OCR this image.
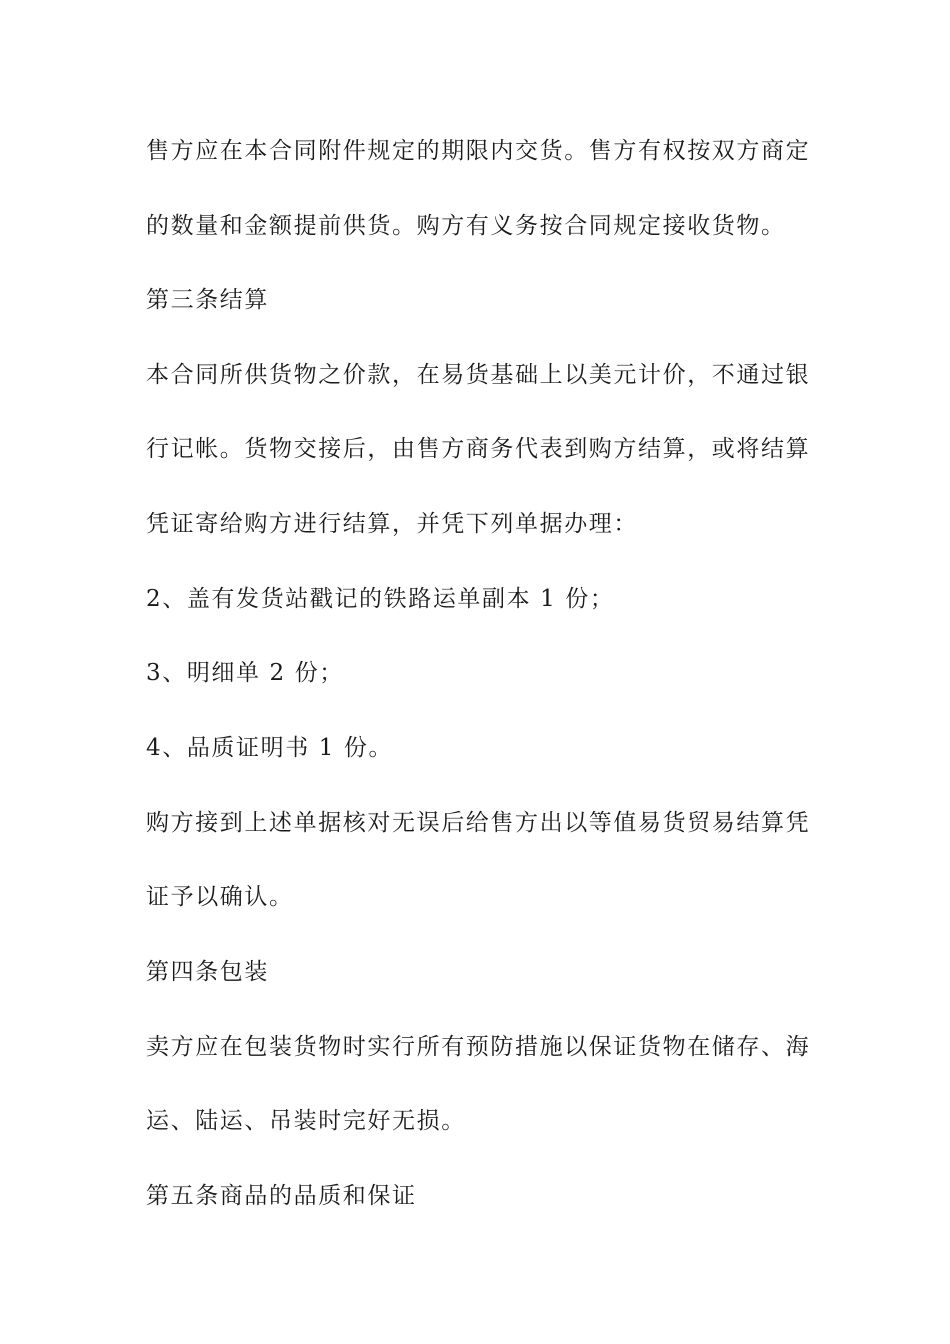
售方应在本合同附件规定的期限内交货。售方有权按双方商定
的数量和金额提前供货。购方有义务按合同规定接收货物。
第三条结算
本合同所供货物之价款，在易货基础上以美元计价，不通过银
行记帐。货物交接后，由售方商务代表到购方结算，或将结算
凭证寄给购方进行结算，并凭下列单据办理：
2、盖有发货站戳记的铁路运单副本 1 份；
3、明细单 2 份；
4、品质证明书 1 份。
购方接到上述单据核对无误后给售方出以等值易货贸易结算凭
证予以确认。
第四条包装
卖方应在包装货物时实行所有预防措施以保证货物在储存、海
运、陆运、吊装时完好无损。
第五条商品的品质和保证
